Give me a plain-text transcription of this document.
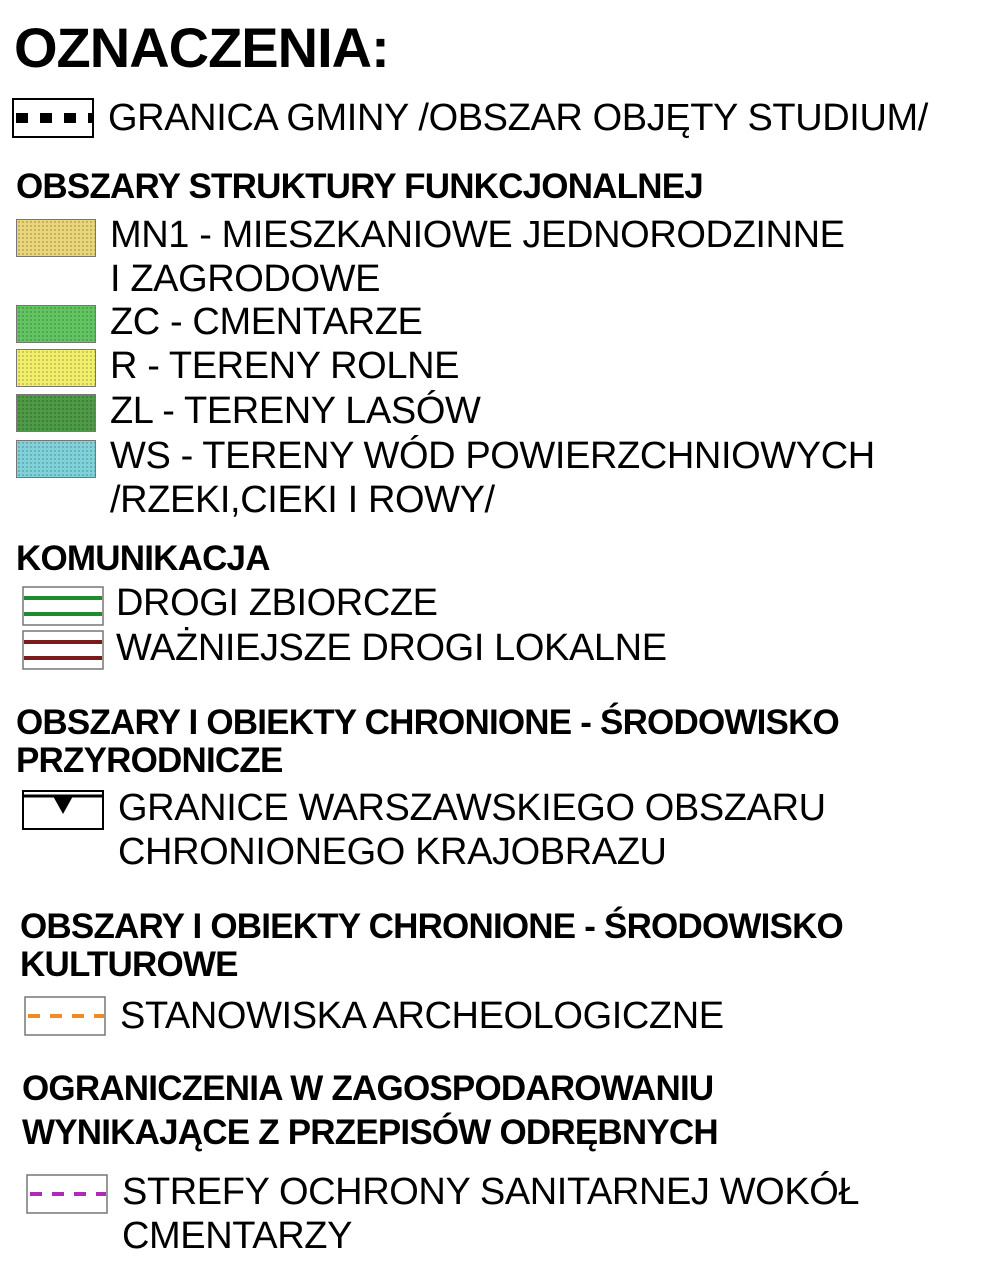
OZNACZENIA:
GRANICA GMINY /OBSZAR OBJĘTY STUDIUM/
OBSZARY STRUKTURY FUNKCJONALNEJ
MN1 - MIESZKANIOWE JEDNORODZINNE
I ZAGRODOWE
ZC - CMENTARZE
R - TERENY ROLNE
ZL - TERENY LASÓW
WS - TERENY WÓD POWIERZCHNIOWYCH
/RZEKI,CIEKI I ROWY/
KOMUNIKACJA
DROGI ZBIORCZE
WAŻNIEJSZE DROGI LOKALNE
OBSZARY I OBIEKTY CHRONIONE - ŚRODOWISKO
PRZYRODNICZE
GRANICE WARSZAWSKIEGO OBSZARU
CHRONIONEGO KRAJOBRAZU
OBSZARY I OBIEKTY CHRONIONE - ŚRODOWISKO
KULTUROWE
STANOWISKA ARCHEOLOGICZNE
OGRANICZENIA W ZAGOSPODAROWANIU
WYNIKAJĄCE Z PRZEPISÓW ODRĘBNYCH
STREFY OCHRONY SANITARNEJ WOKÓŁ
CMENTARZY
